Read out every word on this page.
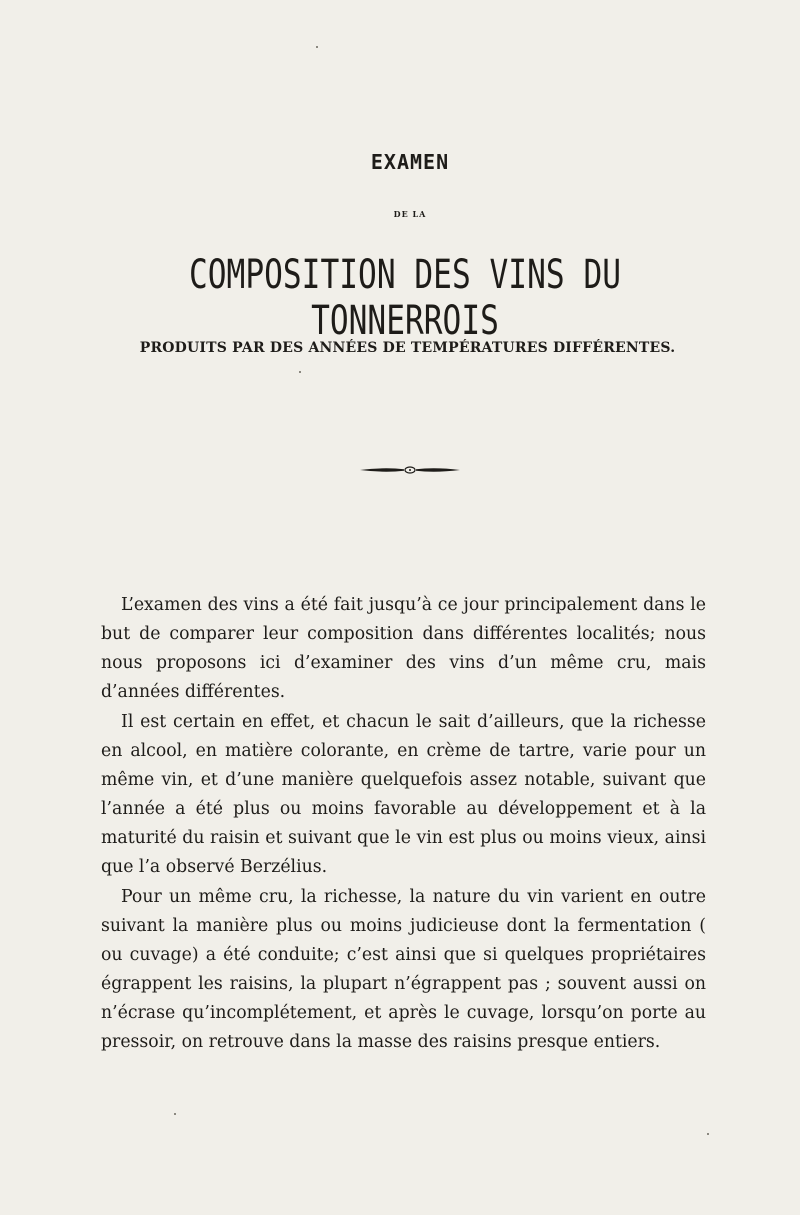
EXAMEN
DE LA
COMPOSITION DES VINS DU TONNERROIS
PRODUITS PAR DES ANNÉES DE TEMPÉRATURES DIFFÉRENTES.

L’examen des vins a été fait jusqu’à ce jour principalement dans le but de comparer leur composition dans différentes localités; nous nous proposons ici d’examiner des vins d’un même cru, mais d’années différentes.

Il est certain en effet, et chacun le sait d’ailleurs, que la richesse en alcool, en matière colorante, en crème de tartre, varie pour un même vin, et d’une manière quelquefois assez notable, suivant que l’année a été plus ou moins favorable au développement et à la maturité du raisin et suivant que le vin est plus ou moins vieux, ainsi que l’a observé Berzélius.

Pour un même cru, la richesse, la nature du vin varient en outre suivant la manière plus ou moins judicieuse dont la fermentation ( ou cuvage) a été conduite; c’est ainsi que si quelques propriétaires égrappent les raisins, la plupart n’égrappent pas ; souvent aussi on n’écrase qu’incomplétement, et après le cuvage, lorsqu’on porte au pressoir, on retrouve dans la masse des raisins presque entiers.
